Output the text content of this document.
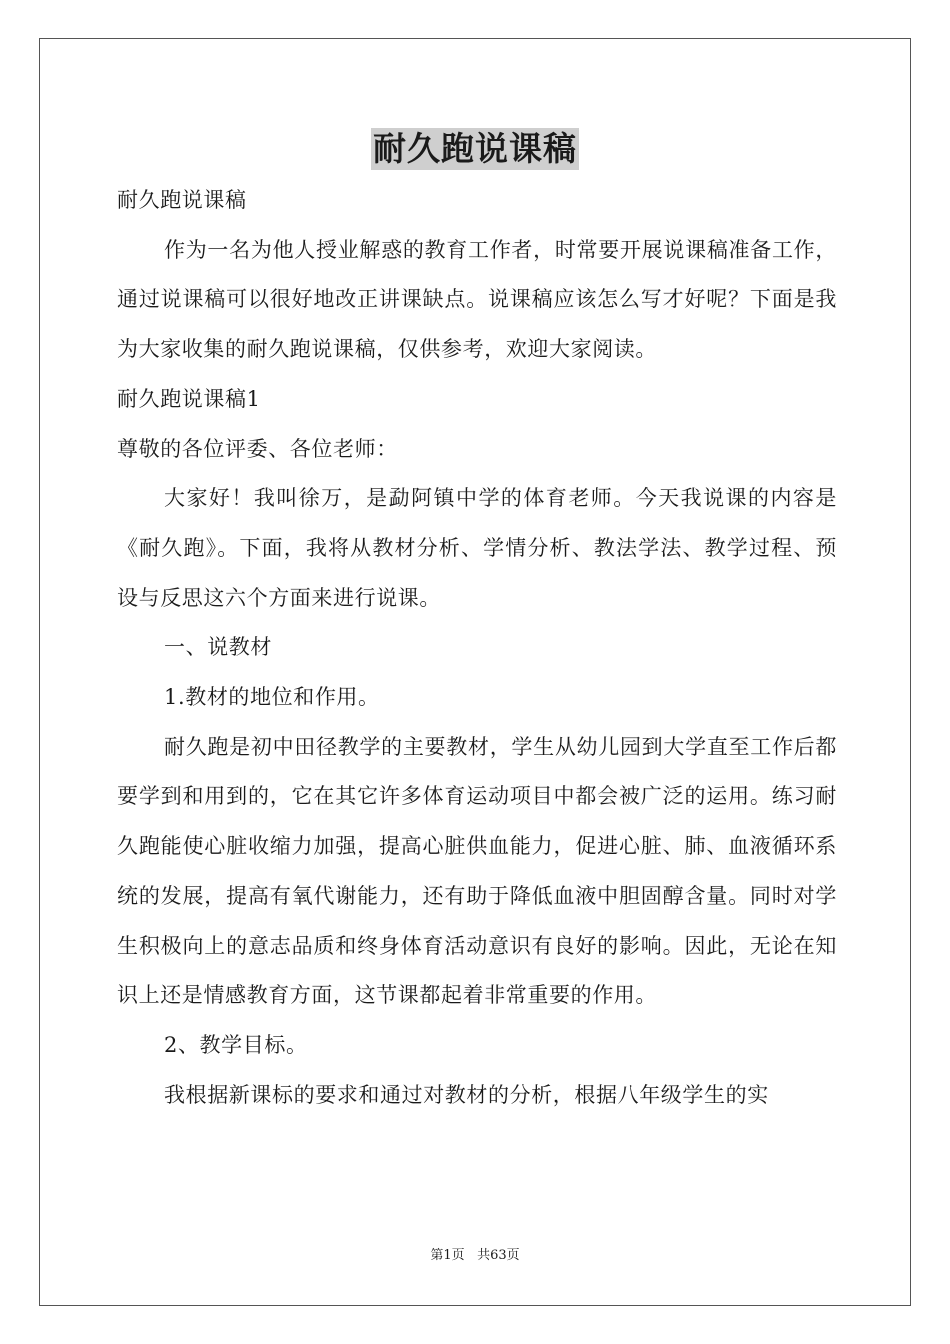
耐久跑说课稿

耐久跑说课稿

作为一名为他人授业解惑的教育工作者，时常要开展说课稿准备工作，通过说课稿可以很好地改正讲课缺点。说课稿应该怎么写才好呢？下面是我为大家收集的耐久跑说课稿，仅供参考，欢迎大家阅读。

耐久跑说课稿1

尊敬的各位评委、各位老师：

大家好！我叫徐万，是勐阿镇中学的体育老师。今天我说课的内容是《耐久跑》。下面，我将从教材分析、学情分析、教法学法、教学过程、预设与反思这六个方面来进行说课。

一、说教材

1.教材的地位和作用。

耐久跑是初中田径教学的主要教材，学生从幼儿园到大学直至工作后都要学到和用到的，它在其它许多体育运动项目中都会被广泛的运用。练习耐久跑能使心脏收缩力加强，提高心脏供血能力，促进心脏、肺、血液循环系统的发展，提高有氧代谢能力，还有助于降低血液中胆固醇含量。同时对学生积极向上的意志品质和终身体育活动意识有良好的影响。因此，无论在知识上还是情感教育方面，这节课都起着非常重要的作用。

2、教学目标。

我根据新课标的要求和通过对教材的分析，根据八年级学生的实

第1页 共63页
